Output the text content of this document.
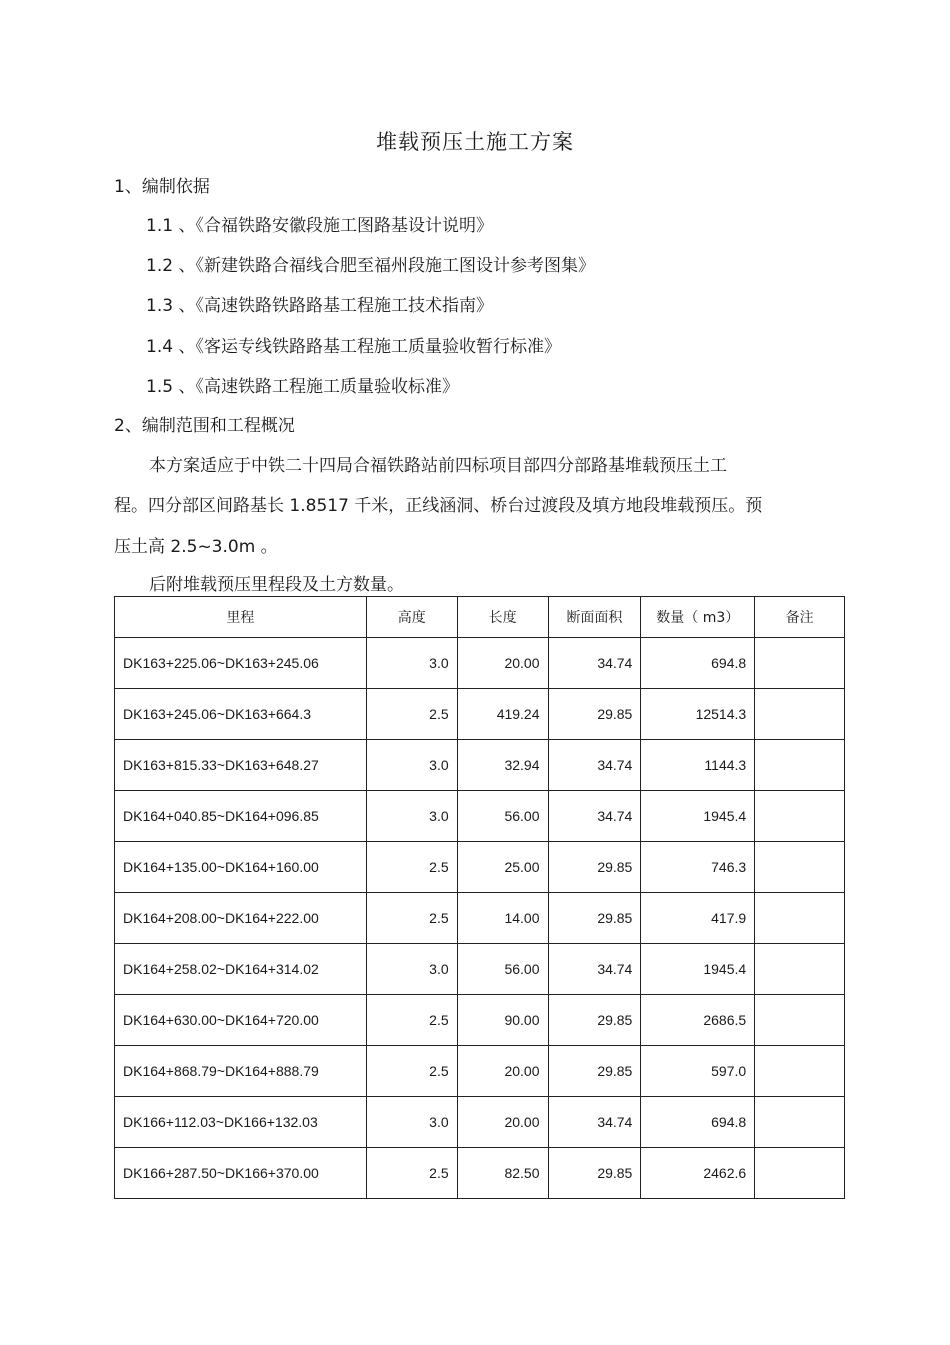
堆载预压土施工方案
1、编制依据
1.1 、《合福铁路安徽段施工图路基设计说明》
1.2 、《新建铁路合福线合肥至福州段施工图设计参考图集》
1.3 、《高速铁路铁路路基工程施工技术指南》
1.4 、《客运专线铁路路基工程施工质量验收暂行标准》
1.5 、《高速铁路工程施工质量验收标准》
2、编制范围和工程概况
本方案适应于中铁二十四局合福铁路站前四标项目部四分部路基堆载预压土工
程。四分部区间路基长 1.8517 千米，正线涵洞、桥台过渡段及填方地段堆载预压。预
压土高 2.5~3.0m 。
后附堆载预压里程段及土方数量。
里程	高度	长度	断面面积	数量（ m3）	备注
DK163+225.06~DK163+245.06	3.0	20.00	34.74	694.8	
DK163+245.06~DK163+664.3	2.5	419.24	29.85	12514.3	
DK163+815.33~DK163+648.27	3.0	32.94	34.74	1144.3	
DK164+040.85~DK164+096.85	3.0	56.00	34.74	1945.4	
DK164+135.00~DK164+160.00	2.5	25.00	29.85	746.3	
DK164+208.00~DK164+222.00	2.5	14.00	29.85	417.9	
DK164+258.02~DK164+314.02	3.0	56.00	34.74	1945.4	
DK164+630.00~DK164+720.00	2.5	90.00	29.85	2686.5	
DK164+868.79~DK164+888.79	2.5	20.00	29.85	597.0	
DK166+112.03~DK166+132.03	3.0	20.00	34.74	694.8	
DK166+287.50~DK166+370.00	2.5	82.50	29.85	2462.6	
